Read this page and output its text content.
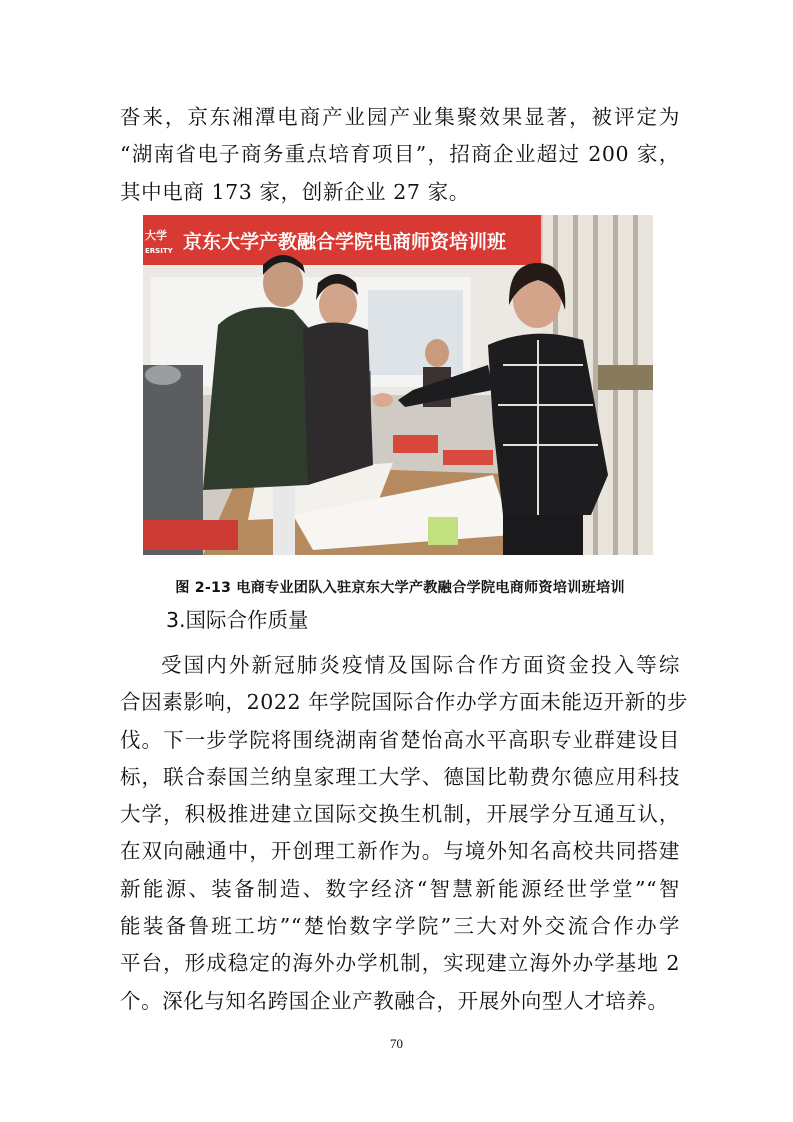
沓来，京东湘潭电商产业园产业集聚效果显著，被评定为
“湖南省电子商务重点培育项目”，招商企业超过 200 家，
其中电商 173 家，创新企业 27 家。
大学
ERSITY 京东大学产教融合学院电商师资培训班
图 2-13 电商专业团队入驻京东大学产教融合学院电商师资培训班培训
3.国际合作质量
受国内外新冠肺炎疫情及国际合作方面资金投入等综
合因素影响，2022 年学院国际合作办学方面未能迈开新的步
伐。下一步学院将围绕湖南省楚怡高水平高职专业群建设目
标，联合泰国兰纳皇家理工大学、德国比勒费尔德应用科技
大学，积极推进建立国际交换生机制，开展学分互通互认，
在双向融通中，开创理工新作为。与境外知名高校共同搭建
新能源、装备制造、数字经济“智慧新能源经世学堂”“智
能装备鲁班工坊”“楚怡数字学院”三大对外交流合作办学
平台，形成稳定的海外办学机制，实现建立海外办学基地 2
个。深化与知名跨国企业产教融合，开展外向型人才培养。
70
